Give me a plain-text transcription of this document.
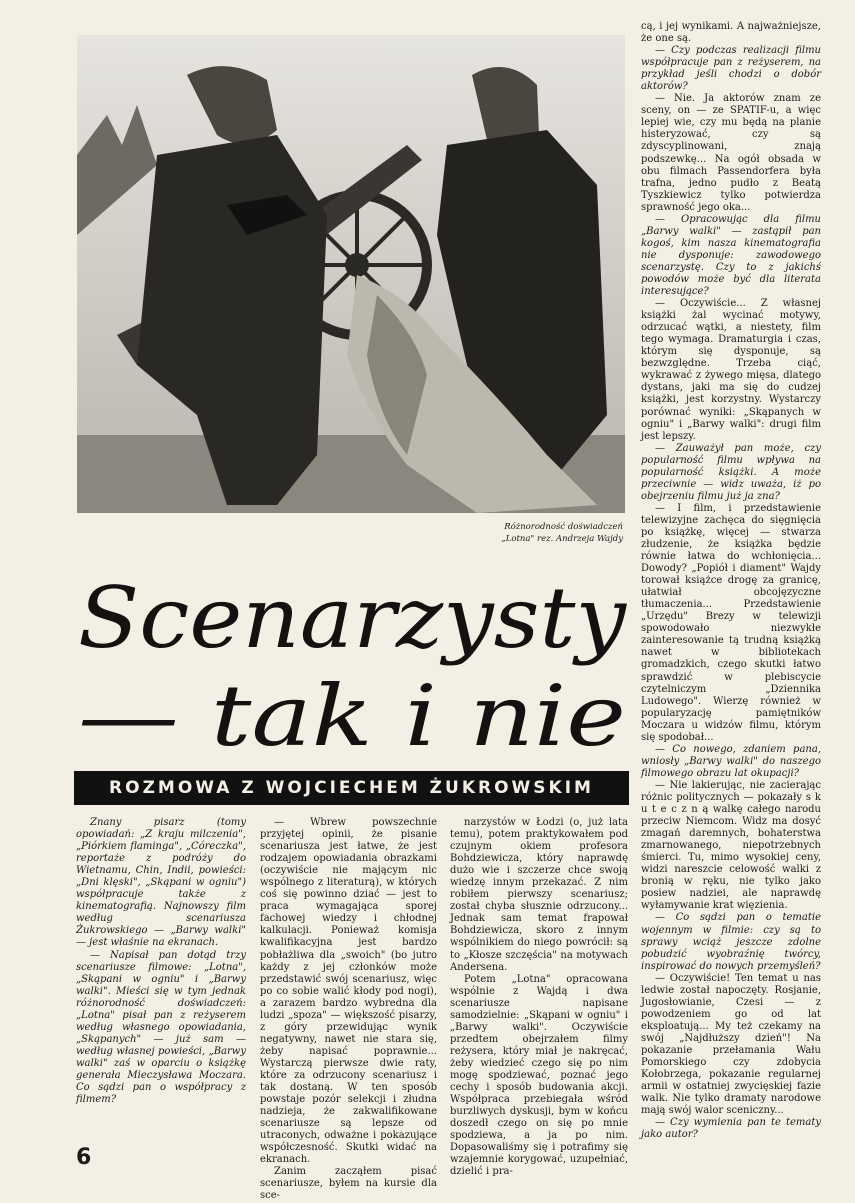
Różnorodność doświadczeń
„Lotna" rez. Andrzeja Wajdy
Scenarzysty
— tak i nie
ROZMOWA Z WOJCIECHEM ŻUKROWSKIM

Znany pisarz (tomy opowiadań: „Z kraju milczenia", „Piórkiem flaminga", „Córeczka", reportaże z podróży do Wietnamu, Chin, Indii, powieści: „Dni klęski", „Skąpani w ogniu") współpracuje także z kinematografią. Najnowszy film według scenariusza Żukrowskiego — „Barwy walki" — jest właśnie na ekranach.

— Napisał pan dotąd trzy scenariusze filmowe: „Lotna", „Skąpani w ogniu" i „Barwy walki". Mieści się w tym jednak różnorodność doświadczeń: „Lotna" pisał pan z reżyserem według własnego opowiadania, „Skąpanych" — już sam — według własnej powieści, „Barwy walki" zaś w oparciu o książkę generała Mieczysława Moczara. Co sądzi pan o współpracy z filmem?

— Wbrew powszechnie przyjętej opinii, że pisanie scenariusza jest łatwe, że jest rodzajem opowiadania obrazkami (oczywiście nie mającym nic wspólnego z literaturą), w których coś się powinno dziać — jest to praca wymagająca sporej fachowej wiedzy i chłodnej kalkulacji. Ponieważ komisja kwalifikacyjna jest bardzo pobłażliwa dla „swoich" (bo jutro każdy z jej członków może przedstawić swój scenariusz, więc po co sobie walić kłody pod nogi), a zarazem bardzo wybredna dla ludzi „spoza" — większość pisarzy, z góry przewidując wynik negatywny, nawet nie stara się, żeby napisać poprawnie... Wystarczą pierwsze dwie raty, które za odrzucony scenariusz i tak dostaną. W ten sposób powstaje pozór selekcji i złudna nadzieja, że zakwalifikowane scenariusze są lepsze od utraconych, odważne i pokazujące współczesność. Skutki widać na ekranach.

Zanim zacząłem pisać scenariusze, byłem na kursie dla sce-

narzystów w Łodzi (o, już lata temu), potem praktykowałem pod czujnym okiem profesora Bohdziewicza, który naprawdę dużo wie i szczerze chce swoją wiedzę innym przekazać. Z nim robiłem pierwszy scenariusz; został chyba słusznie odrzucony... Jednak sam temat frapował Bohdziewicza, skoro z innym wspólnikiem do niego powrócił: są to „Kłosze szczęścia" na motywach Andersena.

Potem „Lotna" opracowana wspólnie z Wajdą i dwa scenariusze napisane samodzielnie: „Skąpani w ogniu" i „Barwy walki". Oczywiście przedtem obejrzałem filmy reżysera, który miał je nakręcać, żeby wiedzieć czego się po nim mogę spodziewać, poznać jego cechy i sposób budowania akcji. Współpraca przebiegała wśród burzliwych dyskusji, bym w końcu doszedł czego on się po mnie spodziewa, a ja po nim. Dopasowaliśmy się i potrafimy się wzajemnie korygować, uzupełniać, dzielić i pra-

cą, i jej wynikami. A najważniejsze, że one są.

— Czy podczas realizacji filmu współpracuje pan z reżyserem, na przykład jeśli chodzi o dobór aktorów?

— Nie. Ja aktorów znam ze sceny, on — ze SPATIF-u, a więc lepiej wie, czy mu będą na planie histeryzować, czy są zdyscyplinowani, znają podszewkę... Na ogół obsada w obu filmach Passendorfera była trafna, jedno pudło z Beatą Tyszkiewicz tylko potwierdza sprawność jego oka...

— Opracowując dla filmu „Barwy walki" — zastąpił pan kogoś, kim nasza kinematografia nie dysponuje: zawodowego scenarzystę. Czy to z jakichś powodów może być dla literata interesujące?

— Oczywiście... Z własnej książki żal wycinać motywy, odrzucać wątki, a niestety, film tego wymaga. Dramaturgia i czas, którym się dysponuje, są bezwzględne. Trzeba ciąć, wykrawać z żywego mięsa, dlatego dystans, jaki ma się do cudzej książki, jest korzystny. Wystarczy porównać wyniki: „Skąpanych w ogniu" i „Barwy walki": drugi film jest lepszy.

— Zauważył pan może, czy popularność filmu wpływa na popularność książki. A może przeciwnie — widz uważa, iż po obejrzeniu filmu już ja zna?

— I film, i przedstawienie telewizyjne zachęca do sięgnięcia po książkę, więcej — stwarza złudzenie, że książka będzie równie łatwa do wchłonięcia... Dowody? „Popiół i diament" Wajdy torował książce drogę za granicę, ułatwiał obcojęzyczne tłumaczenia... Przedstawienie „Urzędu" Brezy w telewizji spowodowało niezwykłe zainteresowanie tą trudną książką nawet w bibliotekach gromadzkich, czego skutki łatwo sprawdzić w plebiscycie czytelniczym „Dziennika Ludowego". Wierzę również w popularyzację pamiętników Moczara u widzów filmu, którym się spodobał...

— Co nowego, zdaniem pana, wniosły „Barwy walki" do naszego filmowego obrazu lat okupacji?

— Nie lakierując, nie zacierając różnic politycznych — pokazały s k u t e c z n ą walkę całego narodu przeciw Niemcom. Widz ma dosyć zmagań daremnych, bohaterstwa zmarnowanego, niepotrzebnych śmierci. Tu, mimo wysokiej ceny, widzi nareszcie celowość walki z bronią w ręku, nie tylko jako posiew nadziei, ale naprawdę wyłamywanie krat więzienia.

— Co sądzi pan o tematie wojennym w filmie: czy są to sprawy wciąż jeszcze zdolne pobudzić wyobraźnię twórcy, inspirować do nowych przemyśleń?

— Oczywiście! Ten temat u nas ledwie został napoczęty. Rosjanie, Jugosłowianie, Czesi — z powodzeniem go od lat eksploatują... My też czekamy na swój „Najdłuższy dzień"! Na pokazanie przełamania Wału Pomorskiego czy zdobycia Kołobrzega, pokazanie regularnej armii w ostatniej zwycięskiej fazie walk. Nie tylko dramaty narodowe mają swój walor sceniczny...

— Czy wymienia pan te tematy jako autor?

6
